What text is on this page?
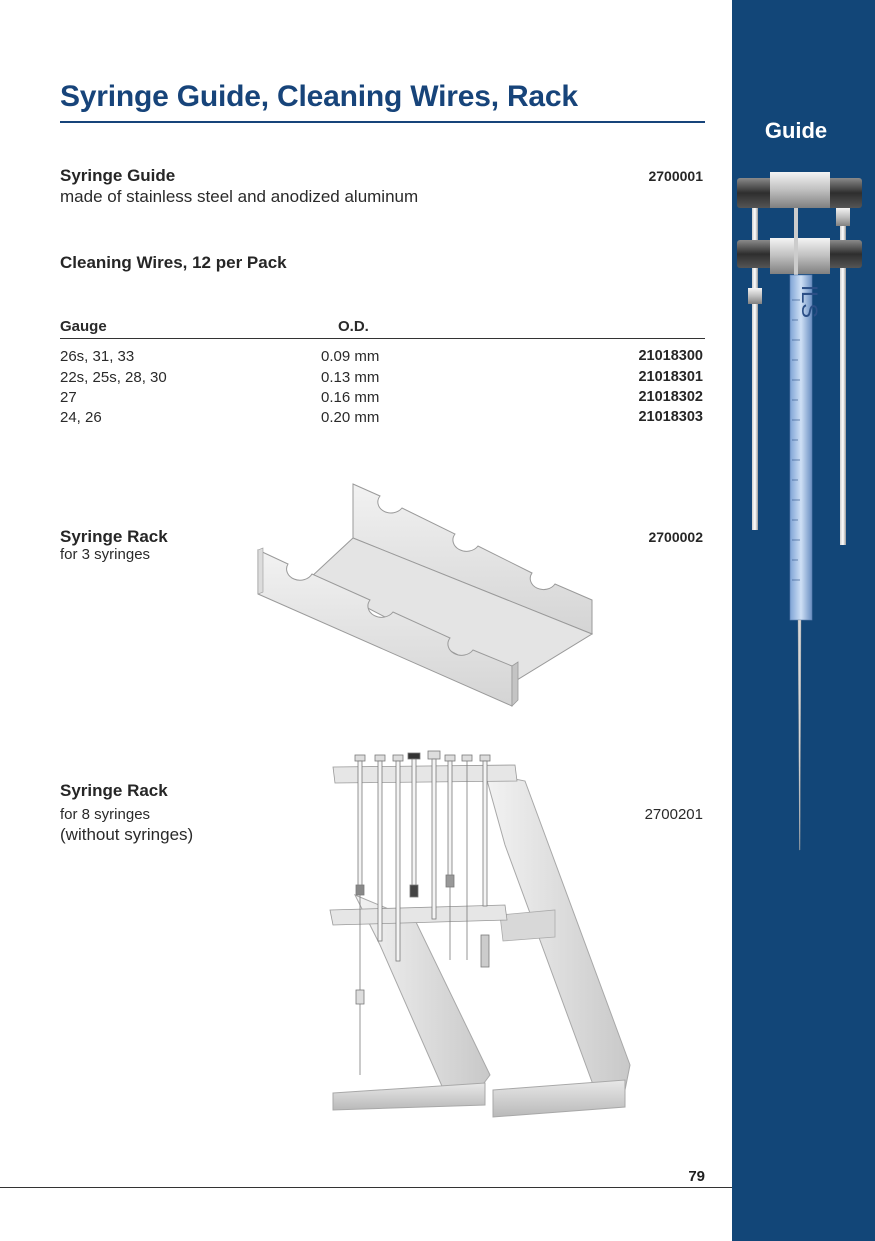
Guide
ILS
Syringe Guide, Cleaning Wires, Rack
Syringe Guide	2700001
made of stainless steel and anodized aluminum
Cleaning Wires, 12 per Pack
Gauge	O.D.
26s, 31, 33	0.09 mm	21018300
22s, 25s, 28, 30	0.13 mm	21018301
27	0.16 mm	21018302
24, 26	0.20 mm	21018303
Syringe Rack
for 3 syringes
2700002
Syringe Rack
for 8 syringes
(without syringes)
2700201
79
